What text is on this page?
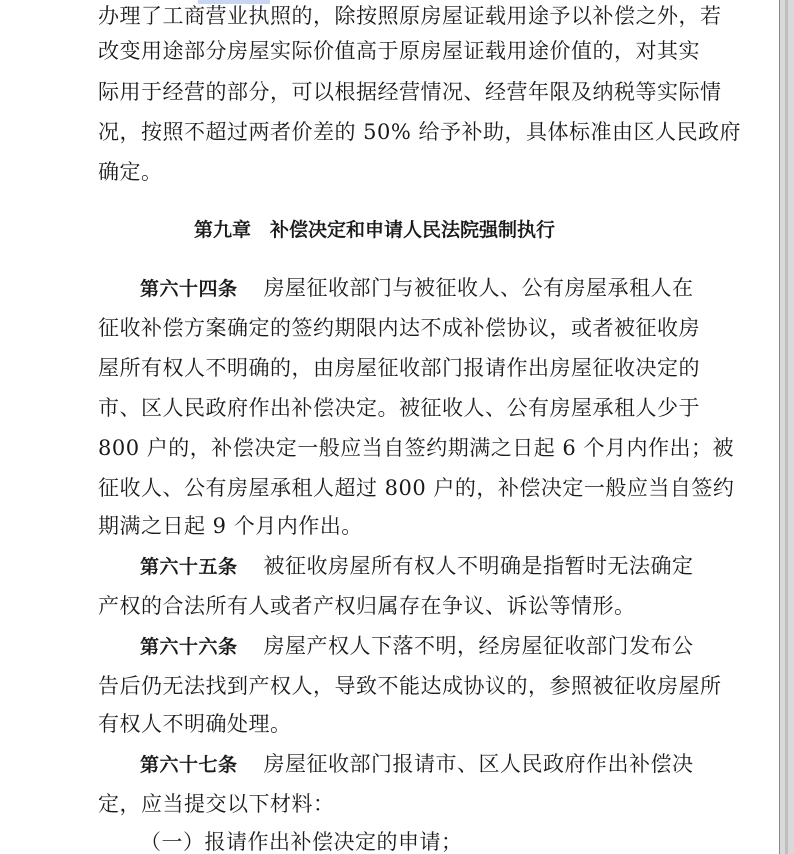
办理了工商营业执照的，除按照原房屋证载用途予以补偿之外，若
改变用途部分房屋实际价值高于原房屋证载用途价值的，对其实
际用于经营的部分，可以根据经营情况、经营年限及纳税等实际情
况，按照不超过两者价差的 50% 给予补助，具体标准由区人民政府
确定。
第九章　补偿决定和申请人民法院强制执行
第六十四条 房屋征收部门与被征收人、公有房屋承租人在
征收补偿方案确定的签约期限内达不成补偿协议，或者被征收房
屋所有权人不明确的，由房屋征收部门报请作出房屋征收决定的
市、区人民政府作出补偿决定。被征收人、公有房屋承租人少于
800 户的，补偿决定一般应当自签约期满之日起 6 个月内作出；被
征收人、公有房屋承租人超过 800 户的，补偿决定一般应当自签约
期满之日起 9 个月内作出。
第六十五条 被征收房屋所有权人不明确是指暂时无法确定
产权的合法所有人或者产权归属存在争议、诉讼等情形。
第六十六条 房屋产权人下落不明，经房屋征收部门发布公
告后仍无法找到产权人，导致不能达成协议的，参照被征收房屋所
有权人不明确处理。
第六十七条 房屋征收部门报请市、区人民政府作出补偿决
定，应当提交以下材料：
（一）报请作出补偿决定的申请；
